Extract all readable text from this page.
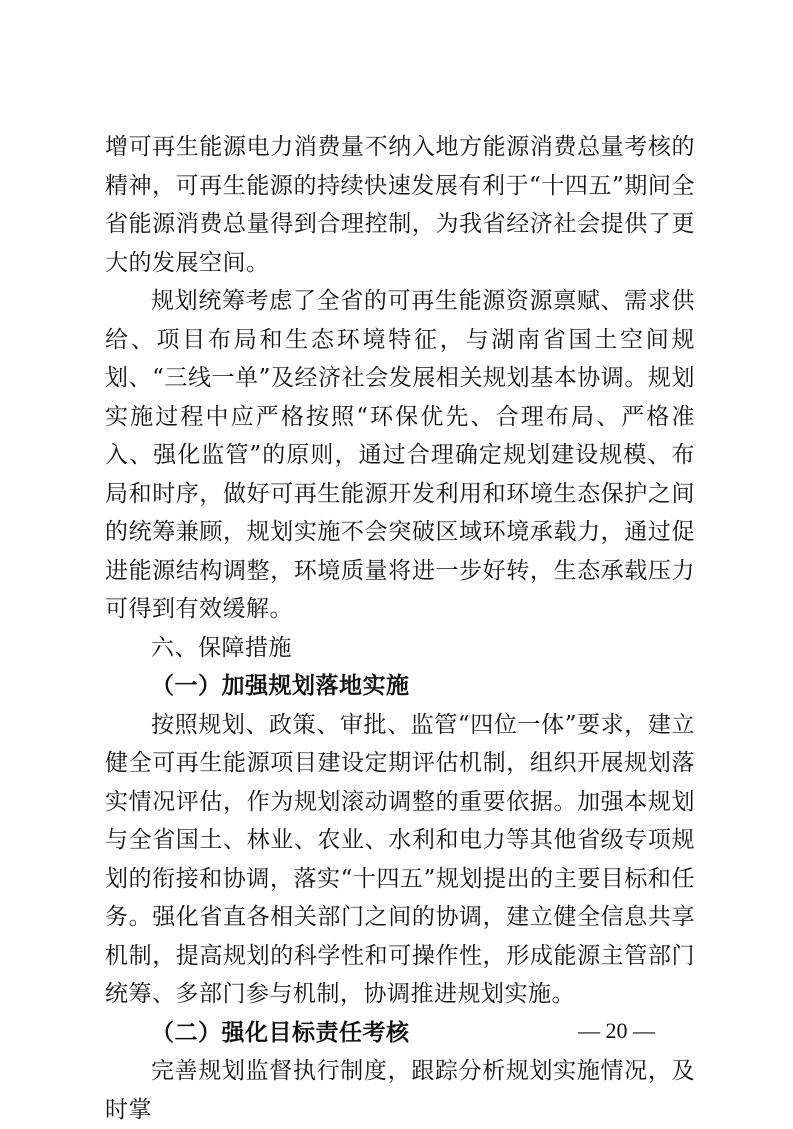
增可再生能源电力消费量不纳入地方能源消费总量考核的精神，可再生能源的持续快速发展有利于“十四五”期间全省能源消费总量得到合理控制，为我省经济社会提供了更大的发展空间。

规划统筹考虑了全省的可再生能源资源禀赋、需求供给、项目布局和生态环境特征，与湖南省国土空间规划、“三线一单”及经济社会发展相关规划基本协调。规划实施过程中应严格按照“环保优先、合理布局、严格准入、强化监管”的原则，通过合理确定规划建设规模、布局和时序，做好可再生能源开发利用和环境生态保护之间的统筹兼顾，规划实施不会突破区域环境承载力，通过促进能源结构调整，环境质量将进一步好转，生态承载压力可得到有效缓解。

六、保障措施
（一）加强规划落地实施

按照规划、政策、审批、监管“四位一体”要求，建立健全可再生能源项目建设定期评估机制，组织开展规划落实情况评估，作为规划滚动调整的重要依据。加强本规划与全省国土、林业、农业、水利和电力等其他省级专项规划的衔接和协调，落实“十四五”规划提出的主要目标和任务。强化省直各相关部门之间的协调，建立健全信息共享机制，提高规划的科学性和可操作性，形成能源主管部门统筹、多部门参与机制，协调推进规划实施。

（二）强化目标责任考核

完善规划监督执行制度，跟踪分析规划实施情况，及时掌

— 20 —
